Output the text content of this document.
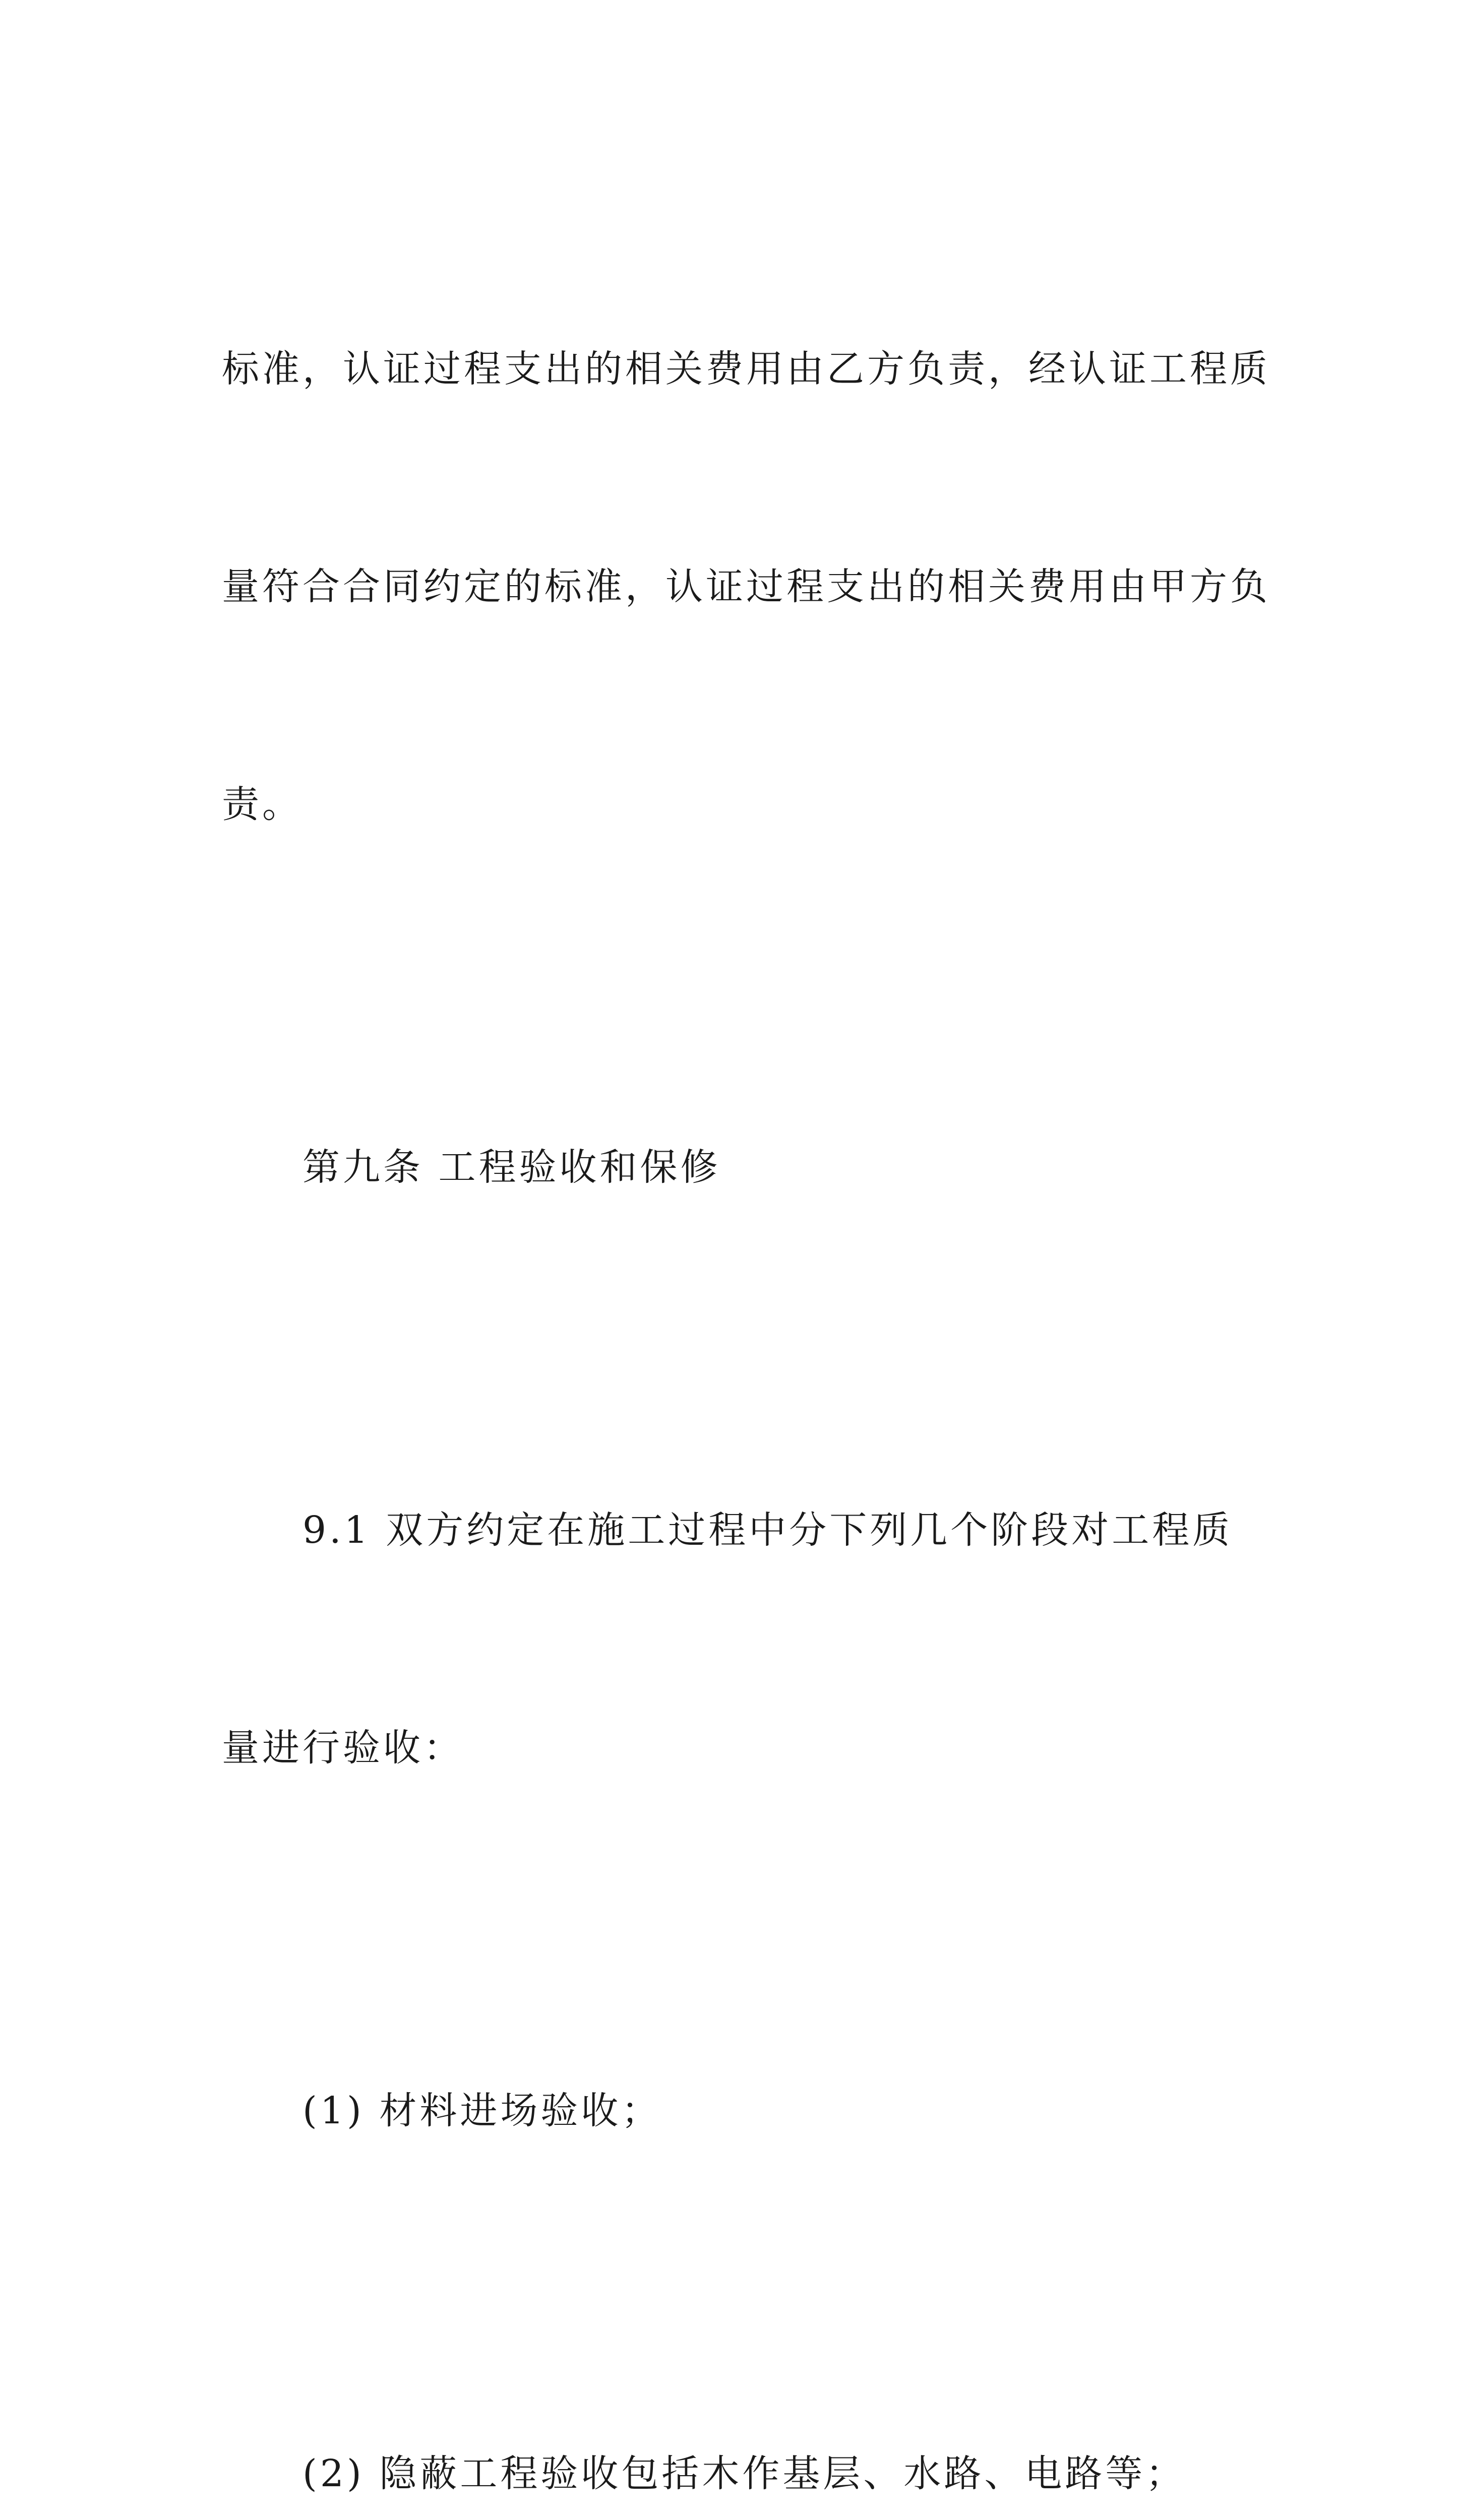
标准，认证过程支出的相关费用由乙方负责，经认证工程质

量符合合同约定的标准，认证过程支出的相关费用由甲方负

责。

第九条 工程验收和保修

9.1 双方约定在施工过程中分下列几个阶段对工程质

量进行验收：

(1) 材料进场验收；

(2) 隐蔽工程验收包括木作基层、水路、电路等；
